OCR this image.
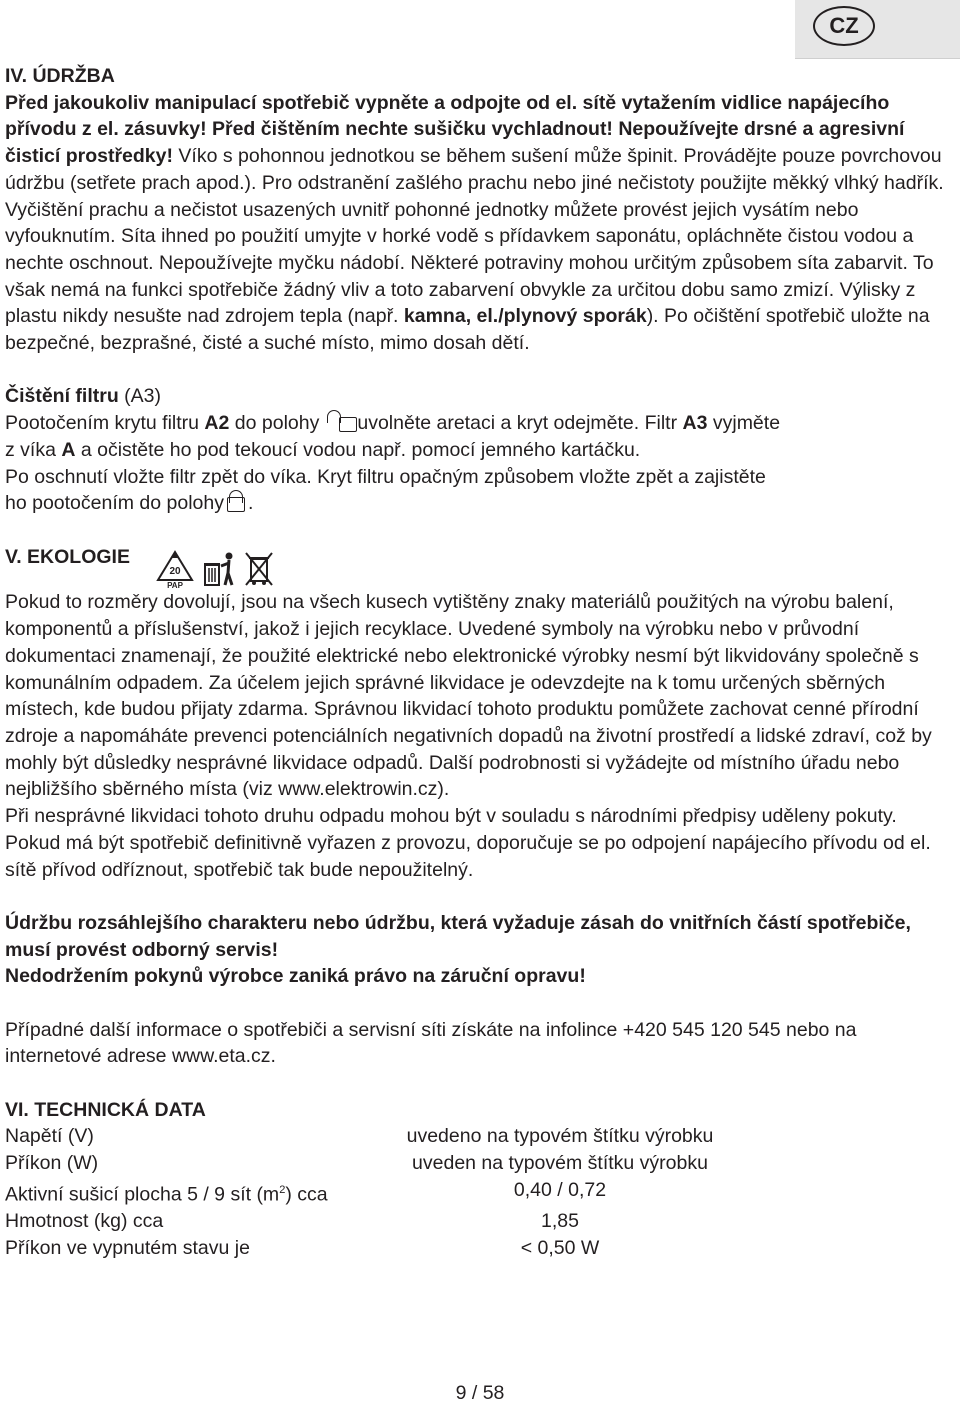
CZ

IV. ÚDRŽBA

Před jakoukoliv manipulací spotřebič vypněte a odpojte od el. sítě vytažením vidlice napájecího přívodu z el. zásuvky! Před čištěním nechte sušičku vychladnout! Nepoužívejte drsné a agresivní čisticí prostředky! Víko s pohonnou jednotkou se během sušení může špinit. Provádějte pouze povrchovou údržbu (setřete prach apod.). Pro odstranění zašlého prachu nebo jiné nečistoty použijte měkký vlhký hadřík. Vyčištění prachu a nečistot usazených uvnitř pohonné jednotky můžete provést jejich vysátím nebo vyfouknutím. Síta ihned po použití umyjte v horké vodě s přídavkem saponátu, opláchněte čistou vodou a nechte oschnout. Nepoužívejte myčku nádobí. Některé potraviny mohou určitým způsobem síta zabarvit. To však nemá na funkci spotřebiče žádný vliv a toto zabarvení obvykle za určitou dobu samo zmizí. Výlisky z plastu nikdy nesušte nad zdrojem tepla (např. kamna, el./plynový sporák). Po očištění spotřebič uložte na bezpečné, bezprašné, čisté a suché místo, mimo dosah dětí.

Čištění filtru (A3)

Pootočením krytu filtru A2 do polohy uvolněte aretaci a kryt odejměte. Filtr A3 vyjměte

z víka A a očistěte ho pod tekoucí vodou např. pomocí jemného kartáčku.

Po oschnutí vložte filtr zpět do víka. Kryt filtru opačným způsobem vložte zpět a zajistěte

ho pootočením do polohy .

V. EKOLOGIE
20
PAP

Pokud to rozměry dovolují, jsou na všech kusech vytištěny znaky materiálů použitých na výrobu balení, komponentů a příslušenství, jakož i jejich recyklace. Uvedené symboly na výrobku nebo v průvodní dokumentaci znamenají, že použité elektrické nebo elektronické výrobky nesmí být likvidovány společně s komunálním odpadem. Za účelem jejich správné likvidace je odevzdejte na k tomu určených sběrných místech, kde budou přijaty zdarma. Správnou likvidací tohoto produktu pomůžete zachovat cenné přírodní zdroje a napomáháte prevenci potenciálních negativních dopadů na životní prostředí a lidské zdraví, což by mohly být důsledky nesprávné likvidace odpadů. Další podrobnosti si vyžádejte od místního úřadu nebo nejbližšího sběrného místa (viz www.elektrowin.cz).

Při nesprávné likvidaci tohoto druhu odpadu mohou být v souladu s národními předpisy uděleny pokuty.

Pokud má být spotřebič definitivně vyřazen z provozu, doporučuje se po odpojení napájecího přívodu od el. sítě přívod odříznout, spotřebič tak bude nepoužitelný.

Údržbu rozsáhlejšího charakteru nebo údržbu, která vyžaduje zásah do vnitřních částí spotřebiče, musí provést odborný servis!

Nedodržením pokynů výrobce zaniká právo na záruční opravu!

Případné další informace o spotřebiči a servisní síti získáte na infolince +420 545 120 545 nebo na internetové adrese www.eta.cz.

VI. TECHNICKÁ DATA

Napětí (V)	uvedeno na typovém štítku výrobku
Příkon (W)	uveden na typovém štítku výrobku
Aktivní sušicí plocha 5 / 9 sít $(m^2)$ cca	0,40 / 0,72
Hmotnost (kg) cca	1,85
Příkon ve vypnutém stavu je	< 0,50 W
9 / 58
